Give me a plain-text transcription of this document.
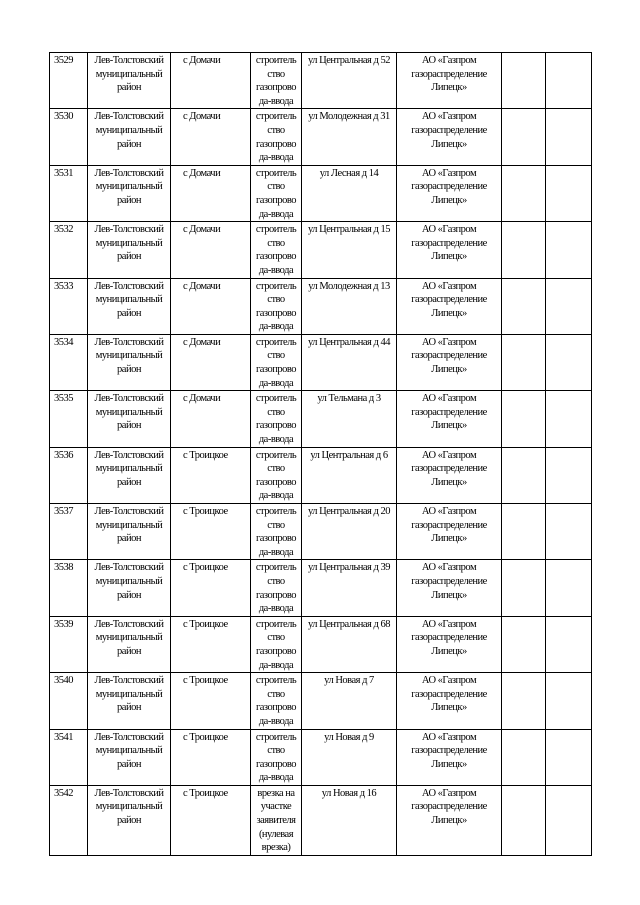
3529	Лев-Толстовский муниципальный район	с Домачи	строитель ство газопрово да-ввода	ул Центральная д 52	АО «Газпром газораспределение Липецк»		
3530	Лев-Толстовский муниципальный район	с Домачи	строитель ство газопрово да-ввода	ул Молодежная д 31	АО «Газпром газораспределение Липецк»		
3531	Лев-Толстовский муниципальный район	с Домачи	строитель ство газопрово да-ввода	ул Лесная д 14	АО «Газпром газораспределение Липецк»		
3532	Лев-Толстовский муниципальный район	с Домачи	строитель ство газопрово да-ввода	ул Центральная д 15	АО «Газпром газораспределение Липецк»		
3533	Лев-Толстовский муниципальный район	с Домачи	строитель ство газопрово да-ввода	ул Молодежная д 13	АО «Газпром газораспределение Липецк»		
3534	Лев-Толстовский муниципальный район	с Домачи	строитель ство газопрово да-ввода	ул Центральная д 44	АО «Газпром газораспределение Липецк»		
3535	Лев-Толстовский муниципальный район	с Домачи	строитель ство газопрово да-ввода	ул Тельмана д 3	АО «Газпром газораспределение Липецк»		
3536	Лев-Толстовский муниципальный район	с Троицкое	строитель ство газопрово да-ввода	ул Центральная д 6	АО «Газпром газораспределение Липецк»		
3537	Лев-Толстовский муниципальный район	с Троицкое	строитель ство газопрово да-ввода	ул Центральная д 20	АО «Газпром газораспределение Липецк»		
3538	Лев-Толстовский муниципальный район	с Троицкое	строитель ство газопрово да-ввода	ул Центральная д 39	АО «Газпром газораспределение Липецк»		
3539	Лев-Толстовский муниципальный район	с Троицкое	строитель ство газопрово да-ввода	ул Центральная д 68	АО «Газпром газораспределение Липецк»		
3540	Лев-Толстовский муниципальный район	с Троицкое	строитель ство газопрово да-ввода	ул Новая д 7	АО «Газпром газораспределение Липецк»		
3541	Лев-Толстовский муниципальный район	с Троицкое	строитель ство газопрово да-ввода	ул Новая д 9	АО «Газпром газораспределение Липецк»		
3542	Лев-Толстовский муниципальный район	с Троицкое	врезка на участке заявителя (нулевая врезка)	ул Новая д 16	АО «Газпром газораспределение Липецк»		
